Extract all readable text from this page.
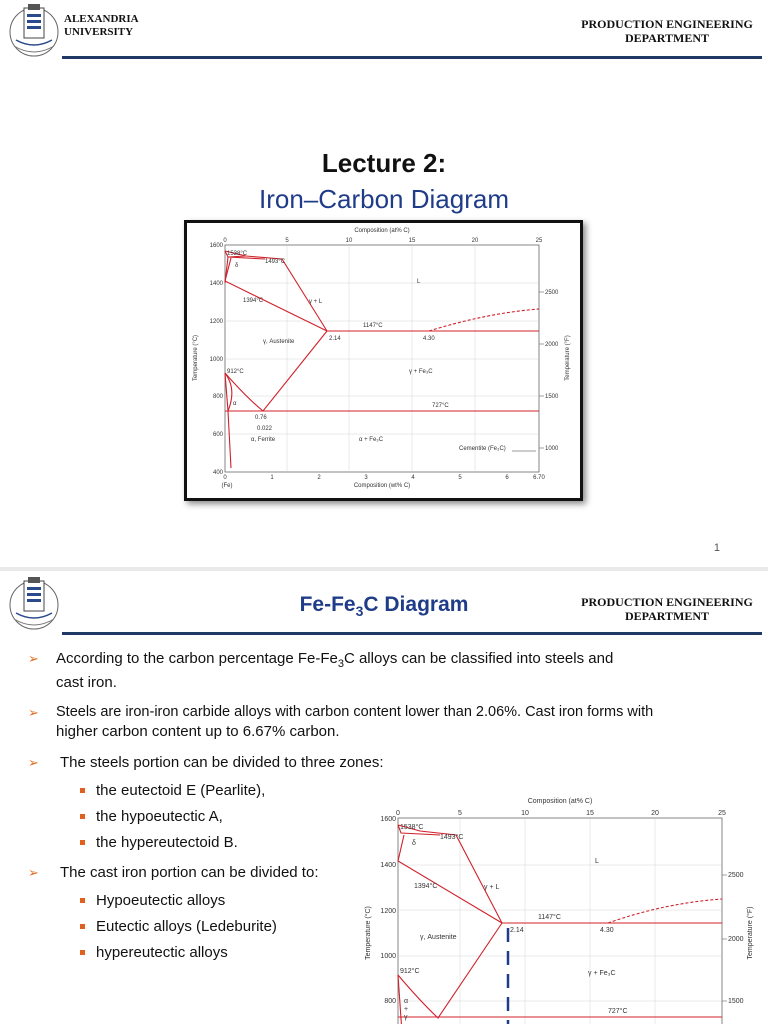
ALEXANDRIA
UNIVERSITY
PRODUCTION ENGINEERING
DEPARTMENT
Lecture 2:
Iron–Carbon Diagram
Composition (at% C)
0	5	10	15	20	25
1600
1400
1200
1000
800
600
400
Temperature (°C)
2500
2000
1500
1000
Temperature (°F)
0	1	2	3	4	5	6	6.70
(Fe)	Composition (wt% C)
1538°C
1493°C
1394°C
1147°C
912°C
727°C
2.14	4.30
0.76
0.022
L
γ + L
γ, Austenite
γ + Fe₃C
α + Fe₃C
α, Ferrite
Cementite (Fe₃C)
δ
α
1
$Fe-Fe_3C$ Diagram	PRODUCTION ENGINEERING
DEPARTMENT
➢ According to the carbon percentage $Fe-Fe_3C$ alloys can be classified into steels and
cast iron.
➢ Steels are iron-iron carbide alloys with carbon content lower than 2.06%. Cast iron forms with
higher carbon content up to 6.67% carbon.
➢ The steels portion can be divided to three zones:
the eutectoid E (Pearlite),
the hypoeutectic A,
the hypereutectoid B.
➢ The cast iron portion can be divided to:
Hypoeutectic alloys
Eutectic alloys (Ledeburite)
hypereutectic alloys
Composition (at% C)
0	5	10	15	20	25
1600
1400
1200
1000
800
Temperature (°C)
2500
2000
1500
Temperature (°F)
1538°C
1493°C
1394°C
1147°C
912°C
727°C
2.14	4.30
L
γ + L
γ, Austenite
γ + Fe₃C
δ
α
+
γ
